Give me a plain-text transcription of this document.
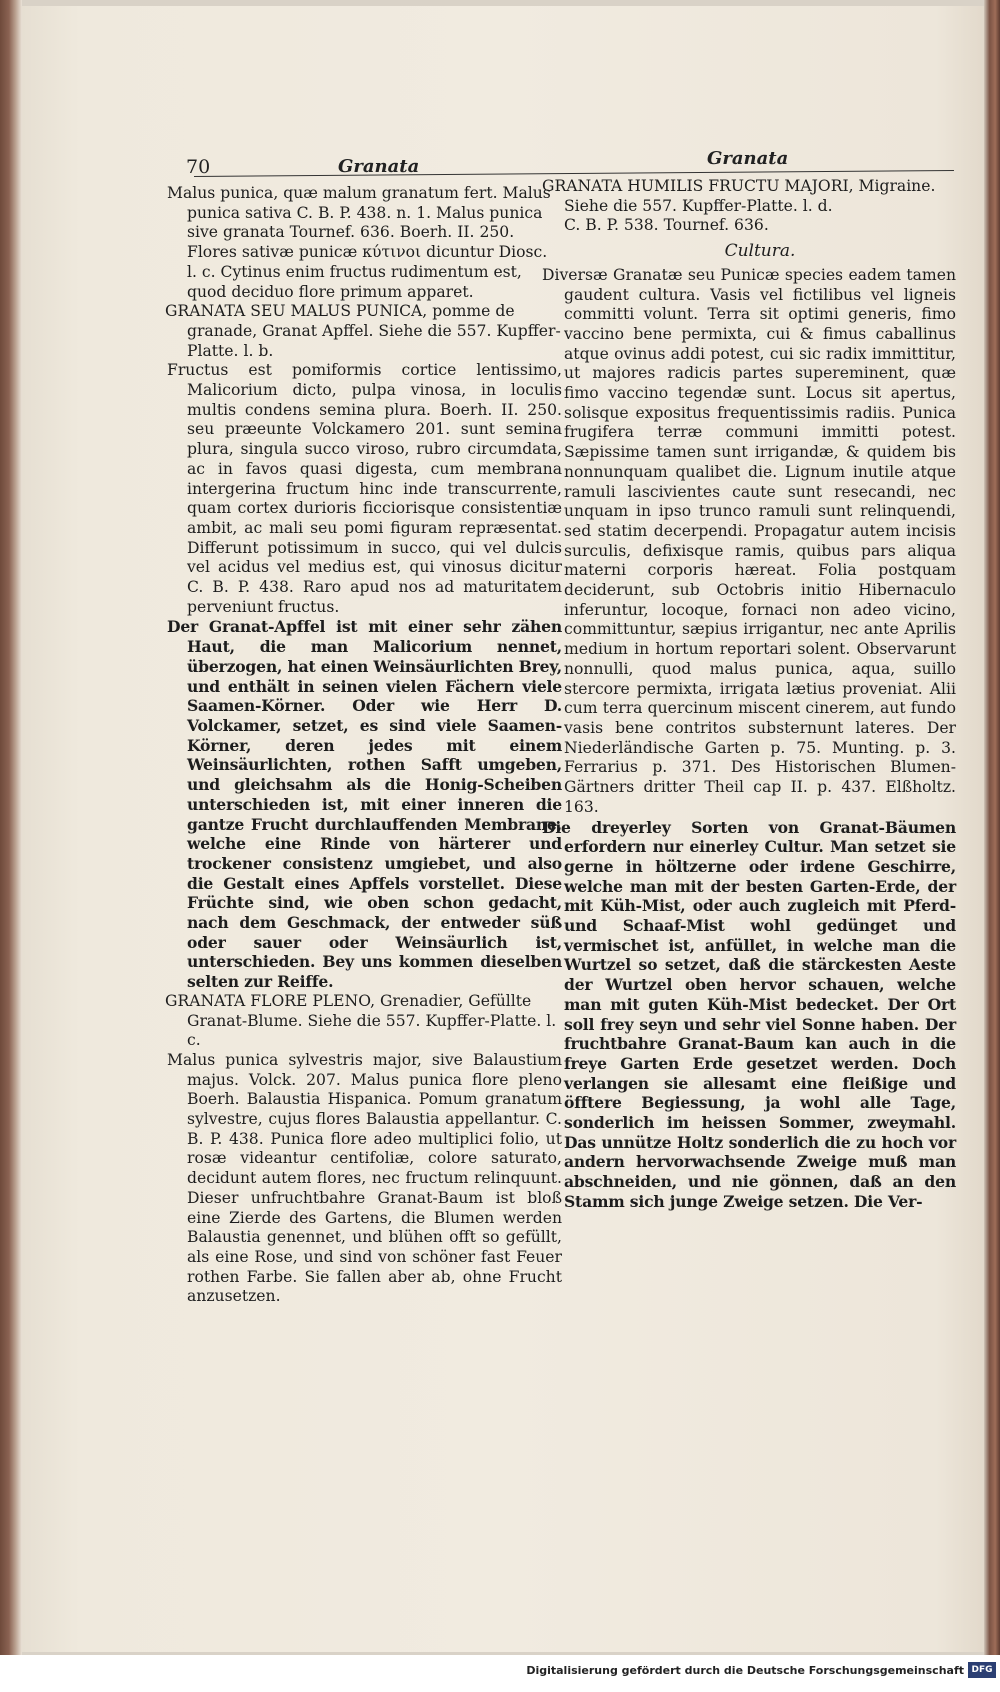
70	Granata	Granata

Malus punica, quæ malum granatum fert. Malus punica sativa C. B. P. 438. n. 1. Malus punica sive granata Tournef. 636. Boerh. II. 250. Flores sativæ punicæ κύτινοι dicuntur Diosc. l. c. Cytinus enim fructus rudimentum est, quod deciduo flore primum apparet.

GRANATA SEU MALUS PUNICA, pomme de granade, Granat Apffel. Siehe die 557. Kupffer-Platte. l. b.

Fructus est pomiformis cortice lentissimo, Malicorium dicto, pulpa vinosa, in loculis multis condens semina plura. Boerh. II. 250. seu præeunte Volckamero 201. sunt semina plura, singula succo viroso, rubro circumdata, ac in favos quasi digesta, cum membrana intergerina fructum hinc inde transcurrente, quam cortex durioris ficciorisque consistentiæ ambit, ac mali seu pomi figuram repræsentat. Differunt potissimum in succo, qui vel dulcis vel acidus vel medius est, qui vinosus dicitur C. B. P. 438. Raro apud nos ad maturitatem perveniunt fructus.

Der Granat-Apffel ist mit einer sehr zähen Haut, die man Malicorium nennet, überzogen, hat einen Weinsäurlichten Brey, und enthält in seinen vielen Fächern viele Saamen-Körner. Oder wie Herr D. Volckamer, setzet, es sind viele Saamen-Körner, deren jedes mit einem Weinsäurlichten, rothen Safft umgeben, und gleichsahm als die Honig-Scheiben unterschieden ist, mit einer inneren die gantze Frucht durchlauffenden Membrane, welche eine Rinde von härterer und trockener consistenz umgiebet, und also die Gestalt eines Apffels vorstellet. Diese Früchte sind, wie oben schon gedacht, nach dem Geschmack, der entweder süß oder sauer oder Weinsäurlich ist, unterschieden. Bey uns kommen dieselben selten zur Reiffe.

GRANATA FLORE PLENO, Grenadier, Gefüllte Granat-Blume. Siehe die 557. Kupffer-Platte. l. c.

Malus punica sylvestris major, sive Balaustium majus. Volck. 207. Malus punica flore pleno Boerh. Balaustia Hispanica. Pomum granatum sylvestre, cujus flores Balaustia appellantur. C. B. P. 438. Punica flore adeo multiplici folio, ut rosæ videantur centifoliæ, colore saturato, decidunt autem flores, nec fructum relinquunt. Dieser unfruchtbahre Granat-Baum ist bloß eine Zierde des Gartens, die Blumen werden Balaustia genennet, und blühen offt so gefüllt, als eine Rose, und sind von schöner fast Feuer rothen Farbe. Sie fallen aber ab, ohne Frucht anzusetzen.

GRANATA HUMILIS FRUCTU MAJORI, Migraine. Siehe die 557. Kupffer-Platte. l. d.

C. B. P. 538. Tournef. 636.

Cultura.

Diversæ Granatæ seu Punicæ species eadem tamen gaudent cultura. Vasis vel fictilibus vel ligneis committi volunt. Terra sit optimi generis, fimo vaccino bene permixta, cui & fimus caballinus atque ovinus addi potest, cui sic radix immittitur, ut majores radicis partes supereminent, quæ fimo vaccino tegendæ sunt. Locus sit apertus, solisque expositus frequentissimis radiis. Punica frugifera terræ communi immitti potest. Sæpissime tamen sunt irrigandæ, & quidem bis nonnunquam qualibet die. Lignum inutile atque ramuli lascivientes caute sunt resecandi, nec unquam in ipso trunco ramuli sunt relinquendi, sed statim decerpendi. Propagatur autem incisis surculis, defixisque ramis, quibus pars aliqua materni corporis hæreat. Folia postquam deciderunt, sub Octobris initio Hibernaculo inferuntur, locoque, fornaci non adeo vicino, committuntur, sæpius irrigantur, nec ante Aprilis medium in hortum reportari solent. Observarunt nonnulli, quod malus punica, aqua, suillo stercore permixta, irrigata lætius proveniat. Alii cum terra quercinum miscent cinerem, aut fundo vasis bene contritos substernunt lateres. Der Niederländische Garten p. 75. Munting. p. 3. Ferrarius p. 371. Des Historischen Blumen-Gärtners dritter Theil cap II. p. 437. Elßholtz. 163.

Die dreyerley Sorten von Granat-Bäumen erfordern nur einerley Cultur. Man setzet sie gerne in höltzerne oder irdene Geschirre, welche man mit der besten Garten-Erde, der mit Küh-Mist, oder auch zugleich mit Pferd- und Schaaf-Mist wohl gedünget und vermischet ist, anfüllet, in welche man die Wurtzel so setzet, daß die stärckesten Aeste der Wurtzel oben hervor schauen, welche man mit guten Küh-Mist bedecket. Der Ort soll frey seyn und sehr viel Sonne haben. Der fruchtbahre Granat-Baum kan auch in die freye Garten Erde gesetzet werden. Doch verlangen sie allesamt eine fleißige und öfftere Begiessung, ja wohl alle Tage, sonderlich im heissen Sommer, zweymahl. Das unnütze Holtz sonderlich die zu hoch vor andern hervorwachsende Zweige muß man abschneiden, und nie gönnen, daß an den Stamm sich junge Zweige setzen. Die Ver-

Digitalisierung gefördert durch die Deutsche Forschungsgemeinschaft DFG
